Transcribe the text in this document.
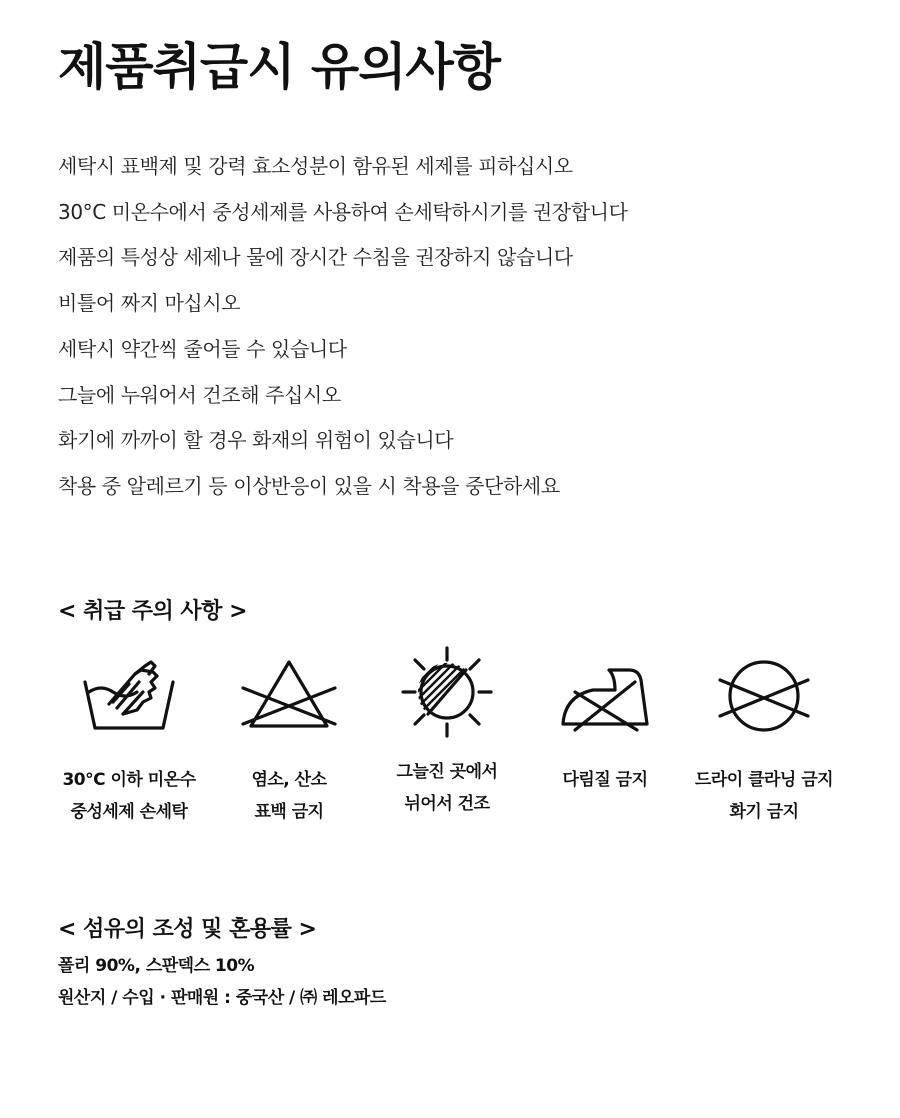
제품취급시 유의사항
세탁시 표백제 및 강력 효소성분이 함유된 세제를 피하십시오
30°C 미온수에서 중성세제를 사용하여 손세탁하시기를 권장합니다
제품의 특성상 세제나 물에 장시간 수침을 권장하지 않습니다
비틀어 짜지 마십시오
세탁시 약간씩 줄어들 수 있습니다
그늘에 누워어서 건조해 주십시오
화기에 까까이 할 경우 화재의 위험이 있습니다
착용 중 알레르기 등 이상반응이 있을 시 착용을 중단하세요
< 취급 주의 사항 >
30°C 이하 미온수
중성세제 손세탁
염소, 산소
표백 금지
그늘진 곳에서
뉘어서 건조
다림질 금지	드라이 클라닝 금지
화기 금지
< 섬유의 조성 및 혼용률 >
폴리 90%, 스판덱스 10%
원산지 / 수입 · 판매원 : 중국산 / ㈜ 레오파드
